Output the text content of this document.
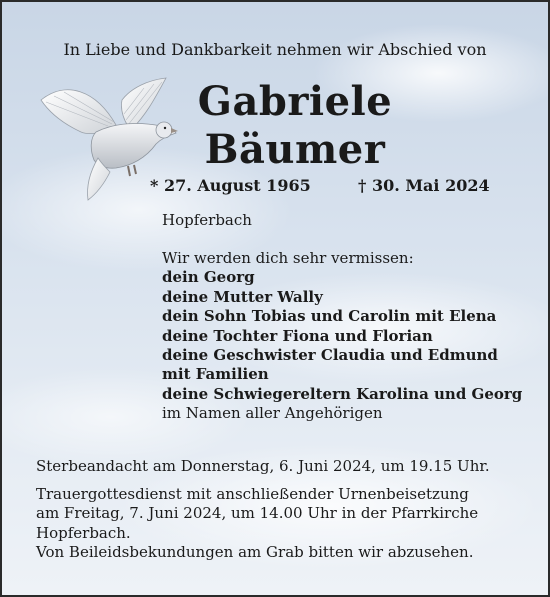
In Liebe und Dankbarkeit nehmen wir Abschied von
Gabriele
Bäumer
* 27. August 1965	† 30. Mai 2024
Hopferbach
Wir werden dich sehr vermissen:
dein Georg
deine Mutter Wally
dein Sohn Tobias und Carolin mit Elena
deine Tochter Fiona und Florian
deine Geschwister Claudia und Edmund
mit Familien
deine Schwiegereltern Karolina und Georg
im Namen aller Angehörigen
Sterbeandacht am Donnerstag, 6. Juni 2024, um 19.15 Uhr.
Trauergottesdienst mit anschließender Urnenbeisetzung
am Freitag, 7. Juni 2024, um 14.00 Uhr in der Pfarrkirche
Hopferbach.
Von Beileidsbekundungen am Grab bitten wir abzusehen.
